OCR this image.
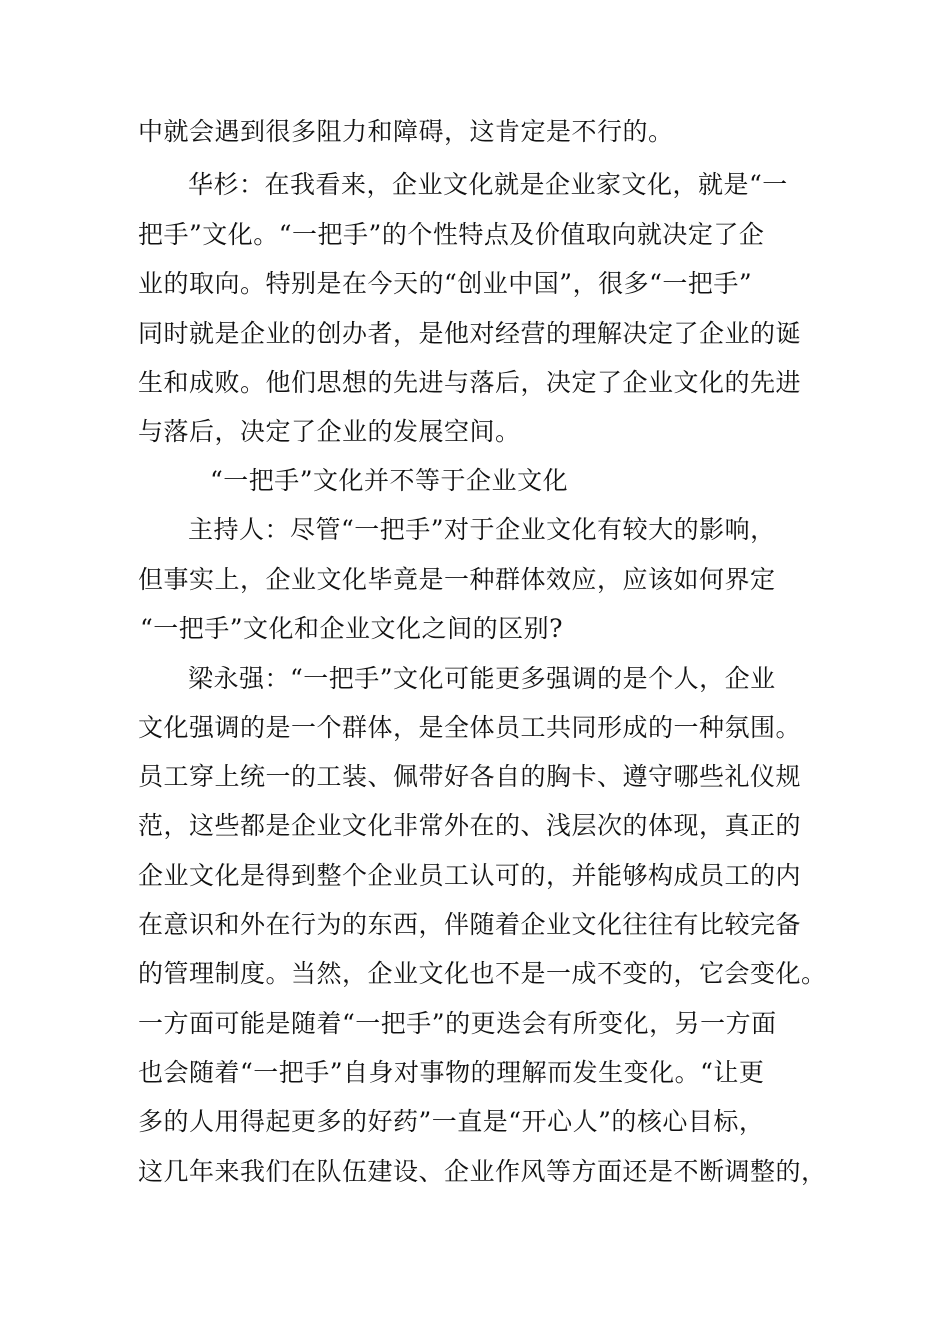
中就会遇到很多阻力和障碍，这肯定是不行的。
华杉：在我看来，企业文化就是企业家文化，就是“一
把手”文化。“一把手”的个性特点及价值取向就决定了企
业的取向。特别是在今天的“创业中国”，很多“一把手”
同时就是企业的创办者，是他对经营的理解决定了企业的诞
生和成败。他们思想的先进与落后，决定了企业文化的先进
与落后，决定了企业的发展空间。
“一把手”文化并不等于企业文化
主持人：尽管“一把手”对于企业文化有较大的影响，
但事实上，企业文化毕竟是一种群体效应，应该如何界定
“一把手”文化和企业文化之间的区别?
梁永强：“一把手”文化可能更多强调的是个人，企业
文化强调的是一个群体，是全体员工共同形成的一种氛围。
员工穿上统一的工装、佩带好各自的胸卡、遵守哪些礼仪规
范，这些都是企业文化非常外在的、浅层次的体现，真正的
企业文化是得到整个企业员工认可的，并能够构成员工的内
在意识和外在行为的东西，伴随着企业文化往往有比较完备
的管理制度。当然，企业文化也不是一成不变的，它会变化。
一方面可能是随着“一把手”的更迭会有所变化，另一方面
也会随着“一把手”自身对事物的理解而发生变化。“让更
多的人用得起更多的好药”一直是“开心人”的核心目标，
这几年来我们在队伍建设、企业作风等方面还是不断调整的，
